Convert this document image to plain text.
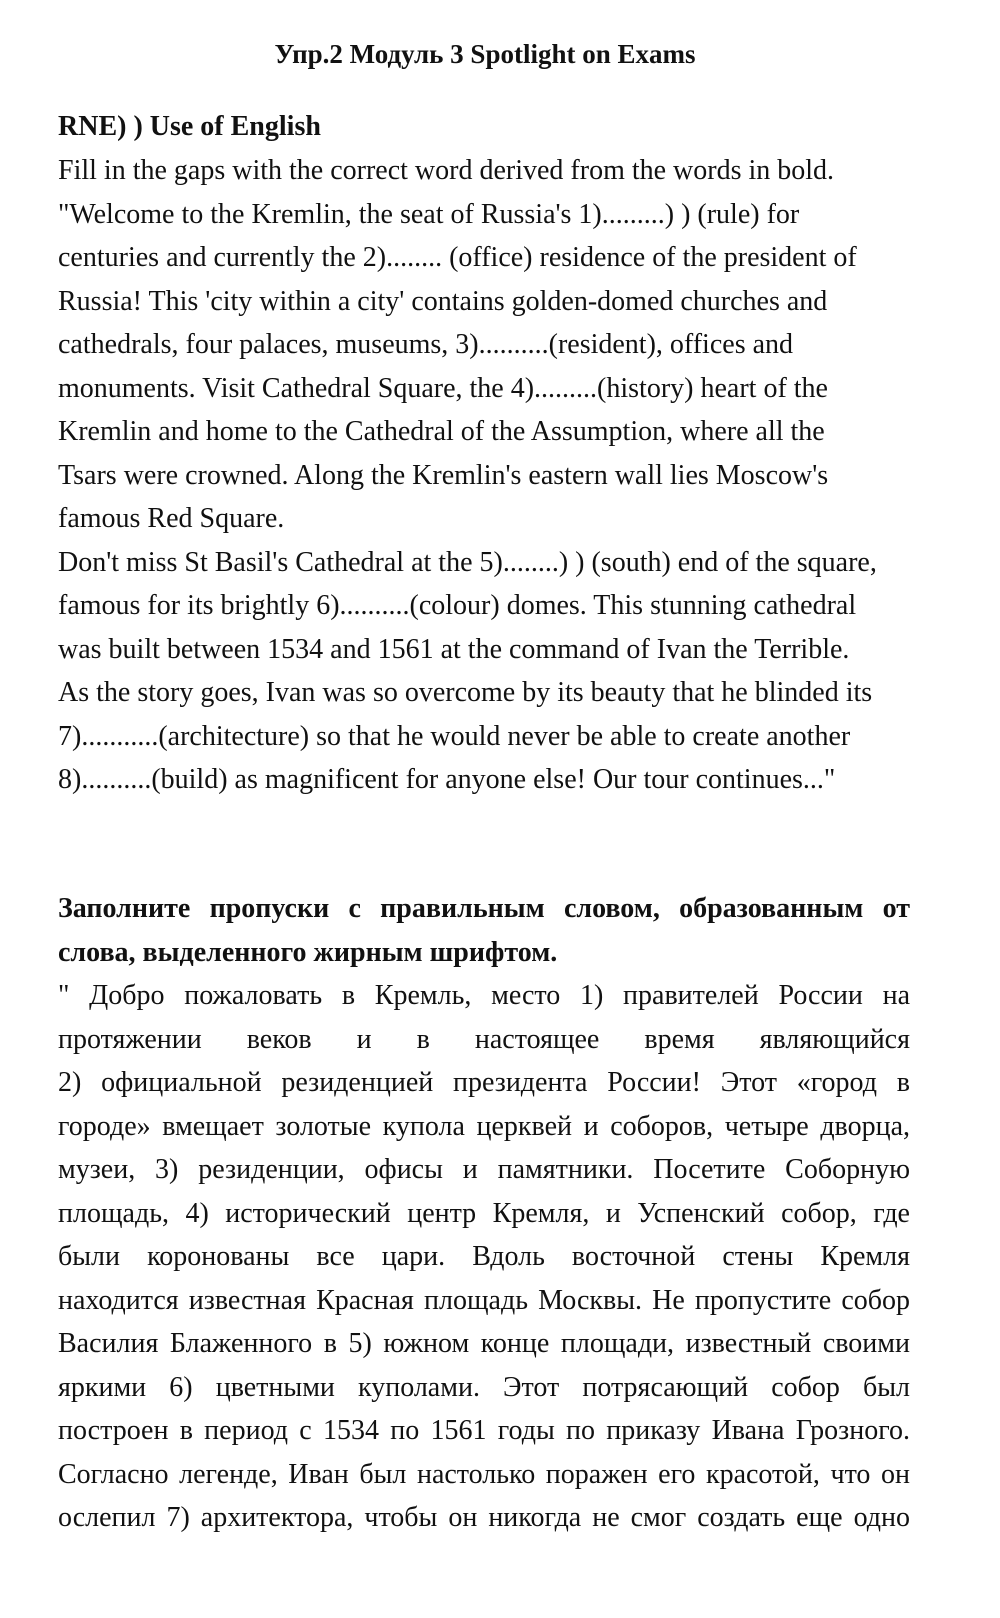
Упр.2 Модуль 3 Spotlight on Exams
RNE) ) Use of English
Fill in the gaps with the correct word derived from the words in bold.
"Welcome to the Kremlin, the seat of Russia's 1).........) ) (rule) for
centuries and currently the 2)........ (office) residence of the president of
Russia! This 'city within a city' contains golden-domed churches and
cathedrals, four palaces, museums, 3)..........(resident), offices and
monuments. Visit Cathedral Square, the 4).........(history) heart of the
Kremlin and home to the Cathedral of the Assumption, where all the
Tsars were crowned. Along the Kremlin's eastern wall lies Moscow's
famous Red Square.
Don't miss St Basil's Cathedral at the 5)........) ) (south) end of the square,
famous for its brightly 6)..........(colour) domes. This stunning cathedral
was built between 1534 and 1561 at the command of Ivan the Terrible.
As the story goes, Ivan was so overcome by its beauty that he blinded its
7)...........(architecture) so that he would never be able to create another
8)..........(build) as magnificent for anyone else! Our tour continues..."
Заполните пропуски с правильным словом, образованным от
слова, выделенного жирным шрифтом.
" Добро пожаловать в Кремль, место 1) правителей России на
протяжении веков и в настоящее время являющийся
2) официальной резиденцией президента России! Этот «город в
городе» вмещает золотые купола церквей и соборов, четыре дворца,
музеи, 3) резиденции, офисы и памятники. Посетите Соборную
площадь, 4) исторический центр Кремля, и Успенский собор, где
были коронованы все цари. Вдоль восточной стены Кремля
находится известная Красная площадь Москвы. Не пропустите собор
Василия Блаженного в 5) южном конце площади, известный своими
яркими 6) цветными куполами. Этот потрясающий собор был
построен в период с 1534 по 1561 годы по приказу Ивана Грозного.
Согласно легенде, Иван был настолько поражен его красотой, что он
ослепил 7) архитектора, чтобы он никогда не смог создать еще одно
